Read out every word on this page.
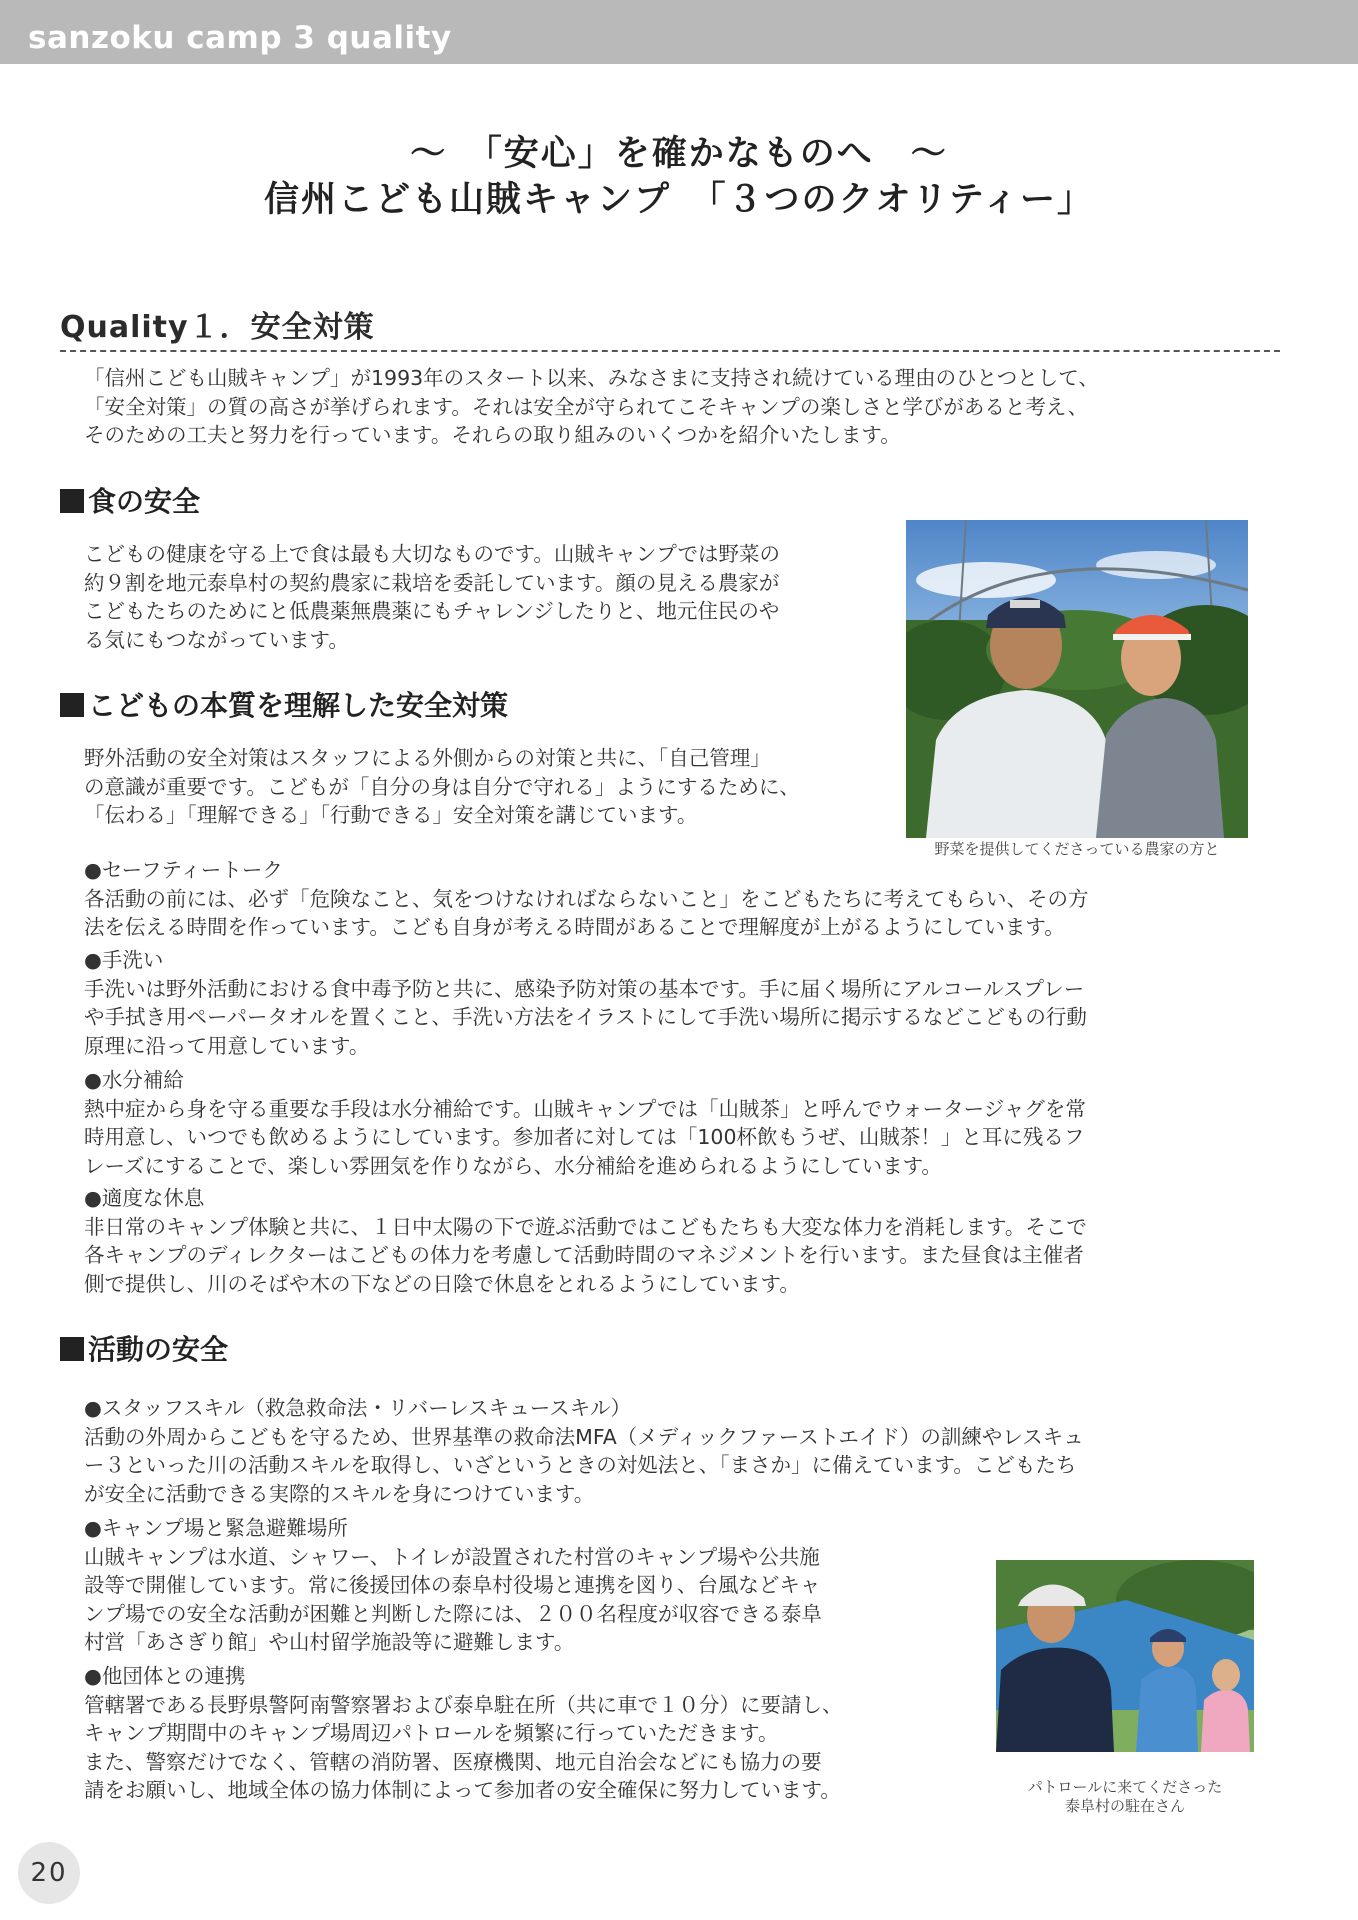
sanzoku camp 3 quality
～　「安心」を確かなものへ　～
信州こども山賊キャンプ　「３つのクオリティー」
Quality１．安全対策
「信州こども山賊キャンプ」が1993年のスタート以来、みなさまに支持され続けている理由のひとつとして、
「安全対策」の質の高さが挙げられます。それは安全が守られてこそキャンプの楽しさと学びがあると考え、
そのための工夫と努力を行っています。それらの取り組みのいくつかを紹介いたします。
食の安全
こどもの健康を守る上で食は最も大切なものです。山賊キャンプでは野菜の
約９割を地元泰阜村の契約農家に栽培を委託しています。顔の見える農家が
こどもたちのためにと低農薬無農薬にもチャレンジしたりと、地元住民のや
る気にもつながっています。
野菜を提供してくださっている農家の方と
こどもの本質を理解した安全対策
野外活動の安全対策はスタッフによる外側からの対策と共に、「自己管理」
の意識が重要です。こどもが「自分の身は自分で守れる」ようにするために、
「伝わる」「理解できる」「行動できる」安全対策を講じています。
●セーフティートーク
各活動の前には、必ず「危険なこと、気をつけなければならないこと」をこどもたちに考えてもらい、その方
法を伝える時間を作っています。こども自身が考える時間があることで理解度が上がるようにしています。
●手洗い
手洗いは野外活動における食中毒予防と共に、感染予防対策の基本です。手に届く場所にアルコールスプレー
や手拭き用ペーパータオルを置くこと、手洗い方法をイラストにして手洗い場所に掲示するなどこどもの行動
原理に沿って用意しています。
●水分補給
熱中症から身を守る重要な手段は水分補給です。山賊キャンプでは「山賊茶」と呼んでウォータージャグを常
時用意し、いつでも飲めるようにしています。参加者に対しては「100杯飲もうぜ、山賊茶！」と耳に残るフ
レーズにすることで、楽しい雰囲気を作りながら、水分補給を進められるようにしています。
●適度な休息
非日常のキャンプ体験と共に、１日中太陽の下で遊ぶ活動ではこどもたちも大変な体力を消耗します。そこで
各キャンプのディレクターはこどもの体力を考慮して活動時間のマネジメントを行います。また昼食は主催者
側で提供し、川のそばや木の下などの日陰で休息をとれるようにしています。
活動の安全
●スタッフスキル（救急救命法・リバーレスキュースキル）
活動の外周からこどもを守るため、世界基準の救命法MFA（メディックファーストエイド）の訓練やレスキュ
ー３といった川の活動スキルを取得し、いざというときの対処法と、「まさか」に備えています。こどもたち
が安全に活動できる実際的スキルを身につけています。
●キャンプ場と緊急避難場所
山賊キャンプは水道、シャワー、トイレが設置された村営のキャンプ場や公共施
設等で開催しています。常に後援団体の泰阜村役場と連携を図り、台風などキャ
ンプ場での安全な活動が困難と判断した際には、２００名程度が収容できる泰阜
村営「あさぎり館」や山村留学施設等に避難します。
●他団体との連携
管轄署である長野県警阿南警察署および泰阜駐在所（共に車で１０分）に要請し、
キャンプ期間中のキャンプ場周辺パトロールを頻繁に行っていただきます。
また、警察だけでなく、管轄の消防署、医療機関、地元自治会などにも協力の要
請をお願いし、地域全体の協力体制によって参加者の安全確保に努力しています。	パトロールに来てくださった
泰阜村の駐在さん
20
